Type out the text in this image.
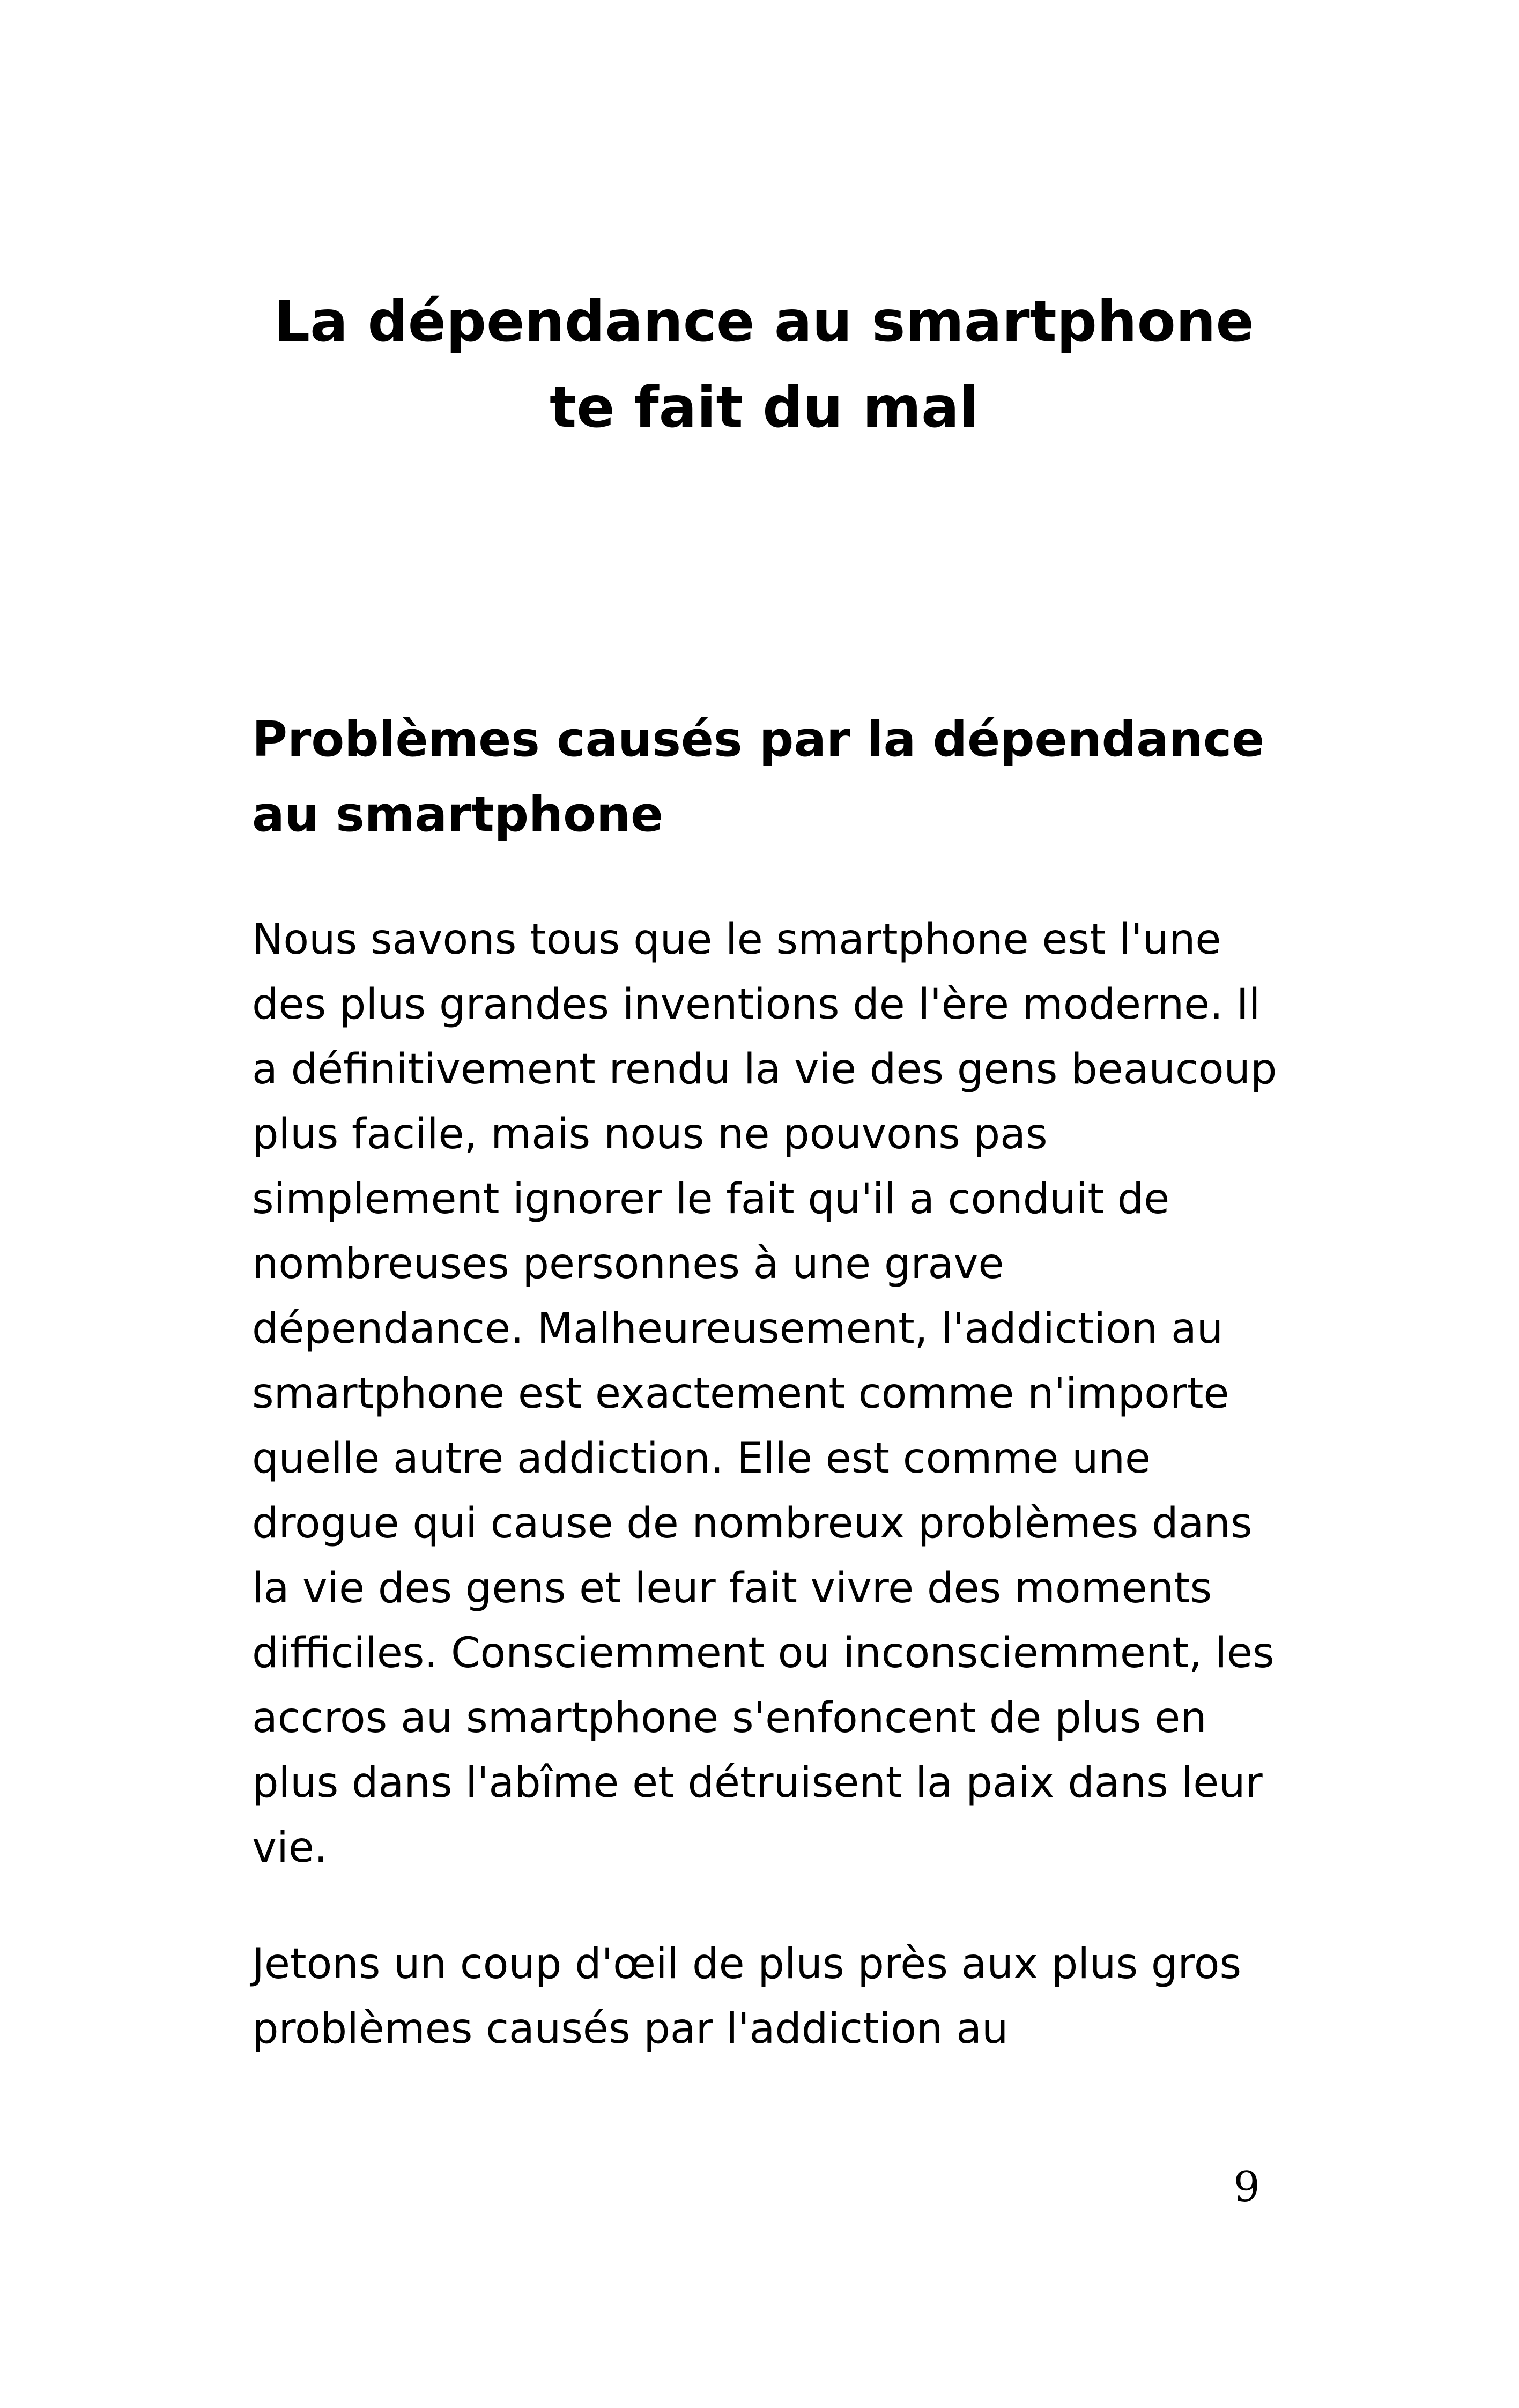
La dépendance au smartphone te fait du mal
Problèmes causés par la dépendance au smartphone

Nous savons tous que le smartphone est l'une des plus grandes inventions de l'ère moderne. Il a définitivement rendu la vie des gens beaucoup plus facile, mais nous ne pouvons pas simplement ignorer le fait qu'il a conduit de nombreuses personnes à une grave dépendance. Malheureusement, l'addiction au smartphone est exactement comme n'importe quelle autre addiction. Elle est comme une drogue qui cause de nombreux problèmes dans la vie des gens et leur fait vivre des moments difficiles. Consciemment ou inconsciemment, les accros au smartphone s'enfoncent de plus en plus dans l'abîme et détruisent la paix dans leur vie.

Jetons un coup d'œil de plus près aux plus gros problèmes causés par l'addiction au

9
